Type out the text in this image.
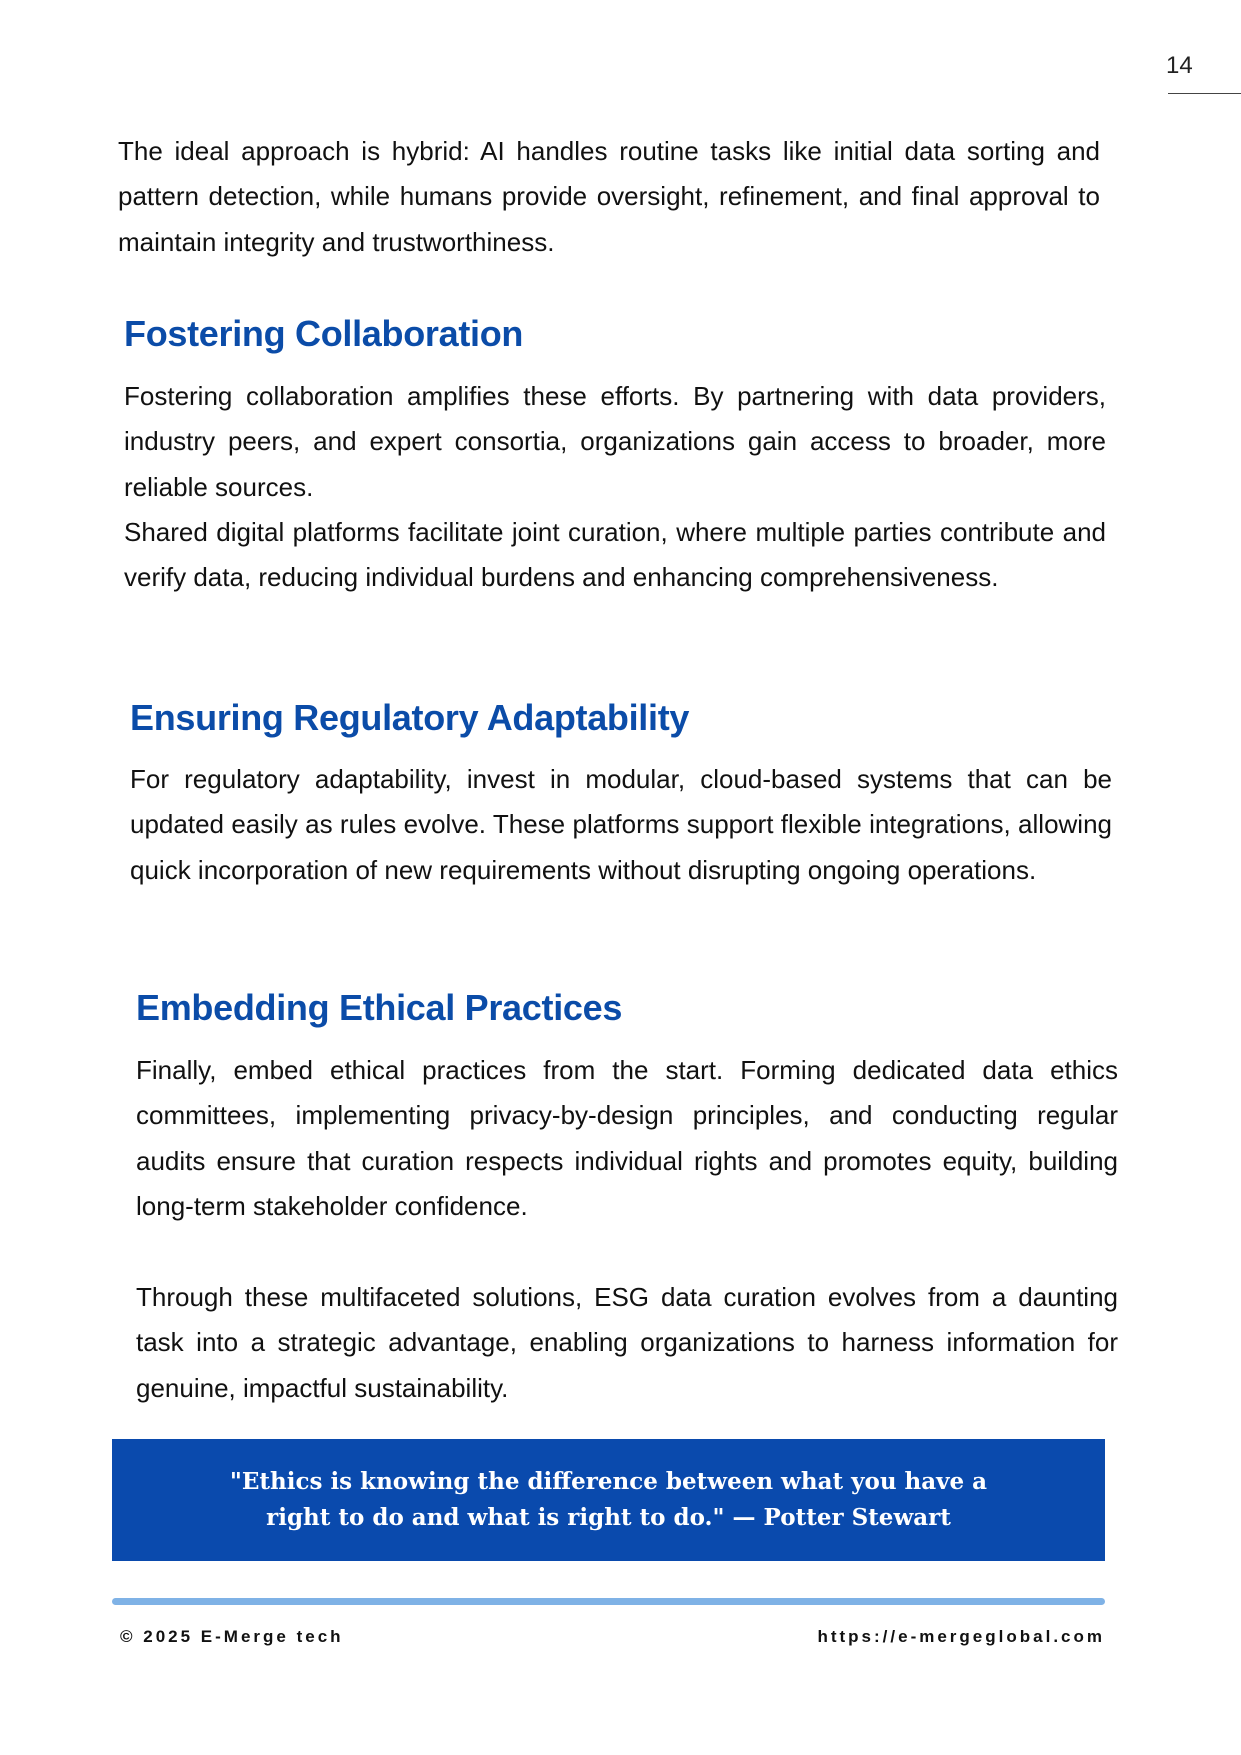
14

The ideal approach is hybrid: AI handles routine tasks like initial data sorting and pattern detection, while humans provide oversight, refinement, and final approval to maintain integrity and trustworthiness.

Fostering Collaboration

Fostering collaboration amplifies these efforts. By partnering with data providers, industry peers, and expert consortia, organizations gain access to broader, more reliable sources.

Shared digital platforms facilitate joint curation, where multiple parties contribute and verify data, reducing individual burdens and enhancing comprehensiveness.

Ensuring Regulatory Adaptability

For regulatory adaptability, invest in modular, cloud-based systems that can be updated easily as rules evolve. These platforms support flexible integrations, allowing quick incorporation of new requirements without disrupting ongoing operations.

Embedding Ethical Practices

Finally, embed ethical practices from the start. Forming dedicated data ethics committees, implementing privacy-by-design principles, and conducting regular audits ensure that curation respects individual rights and promotes equity, building long-term stakeholder confidence.

Through these multifaceted solutions, ESG data curation evolves from a daunting task into a strategic advantage, enabling organizations to harness information for genuine, impactful sustainability.

"Ethics is knowing the difference between what you have a right to do and what is right to do." — Potter Stewart

© 2025 E-Merge tech	https://e-mergeglobal.com
